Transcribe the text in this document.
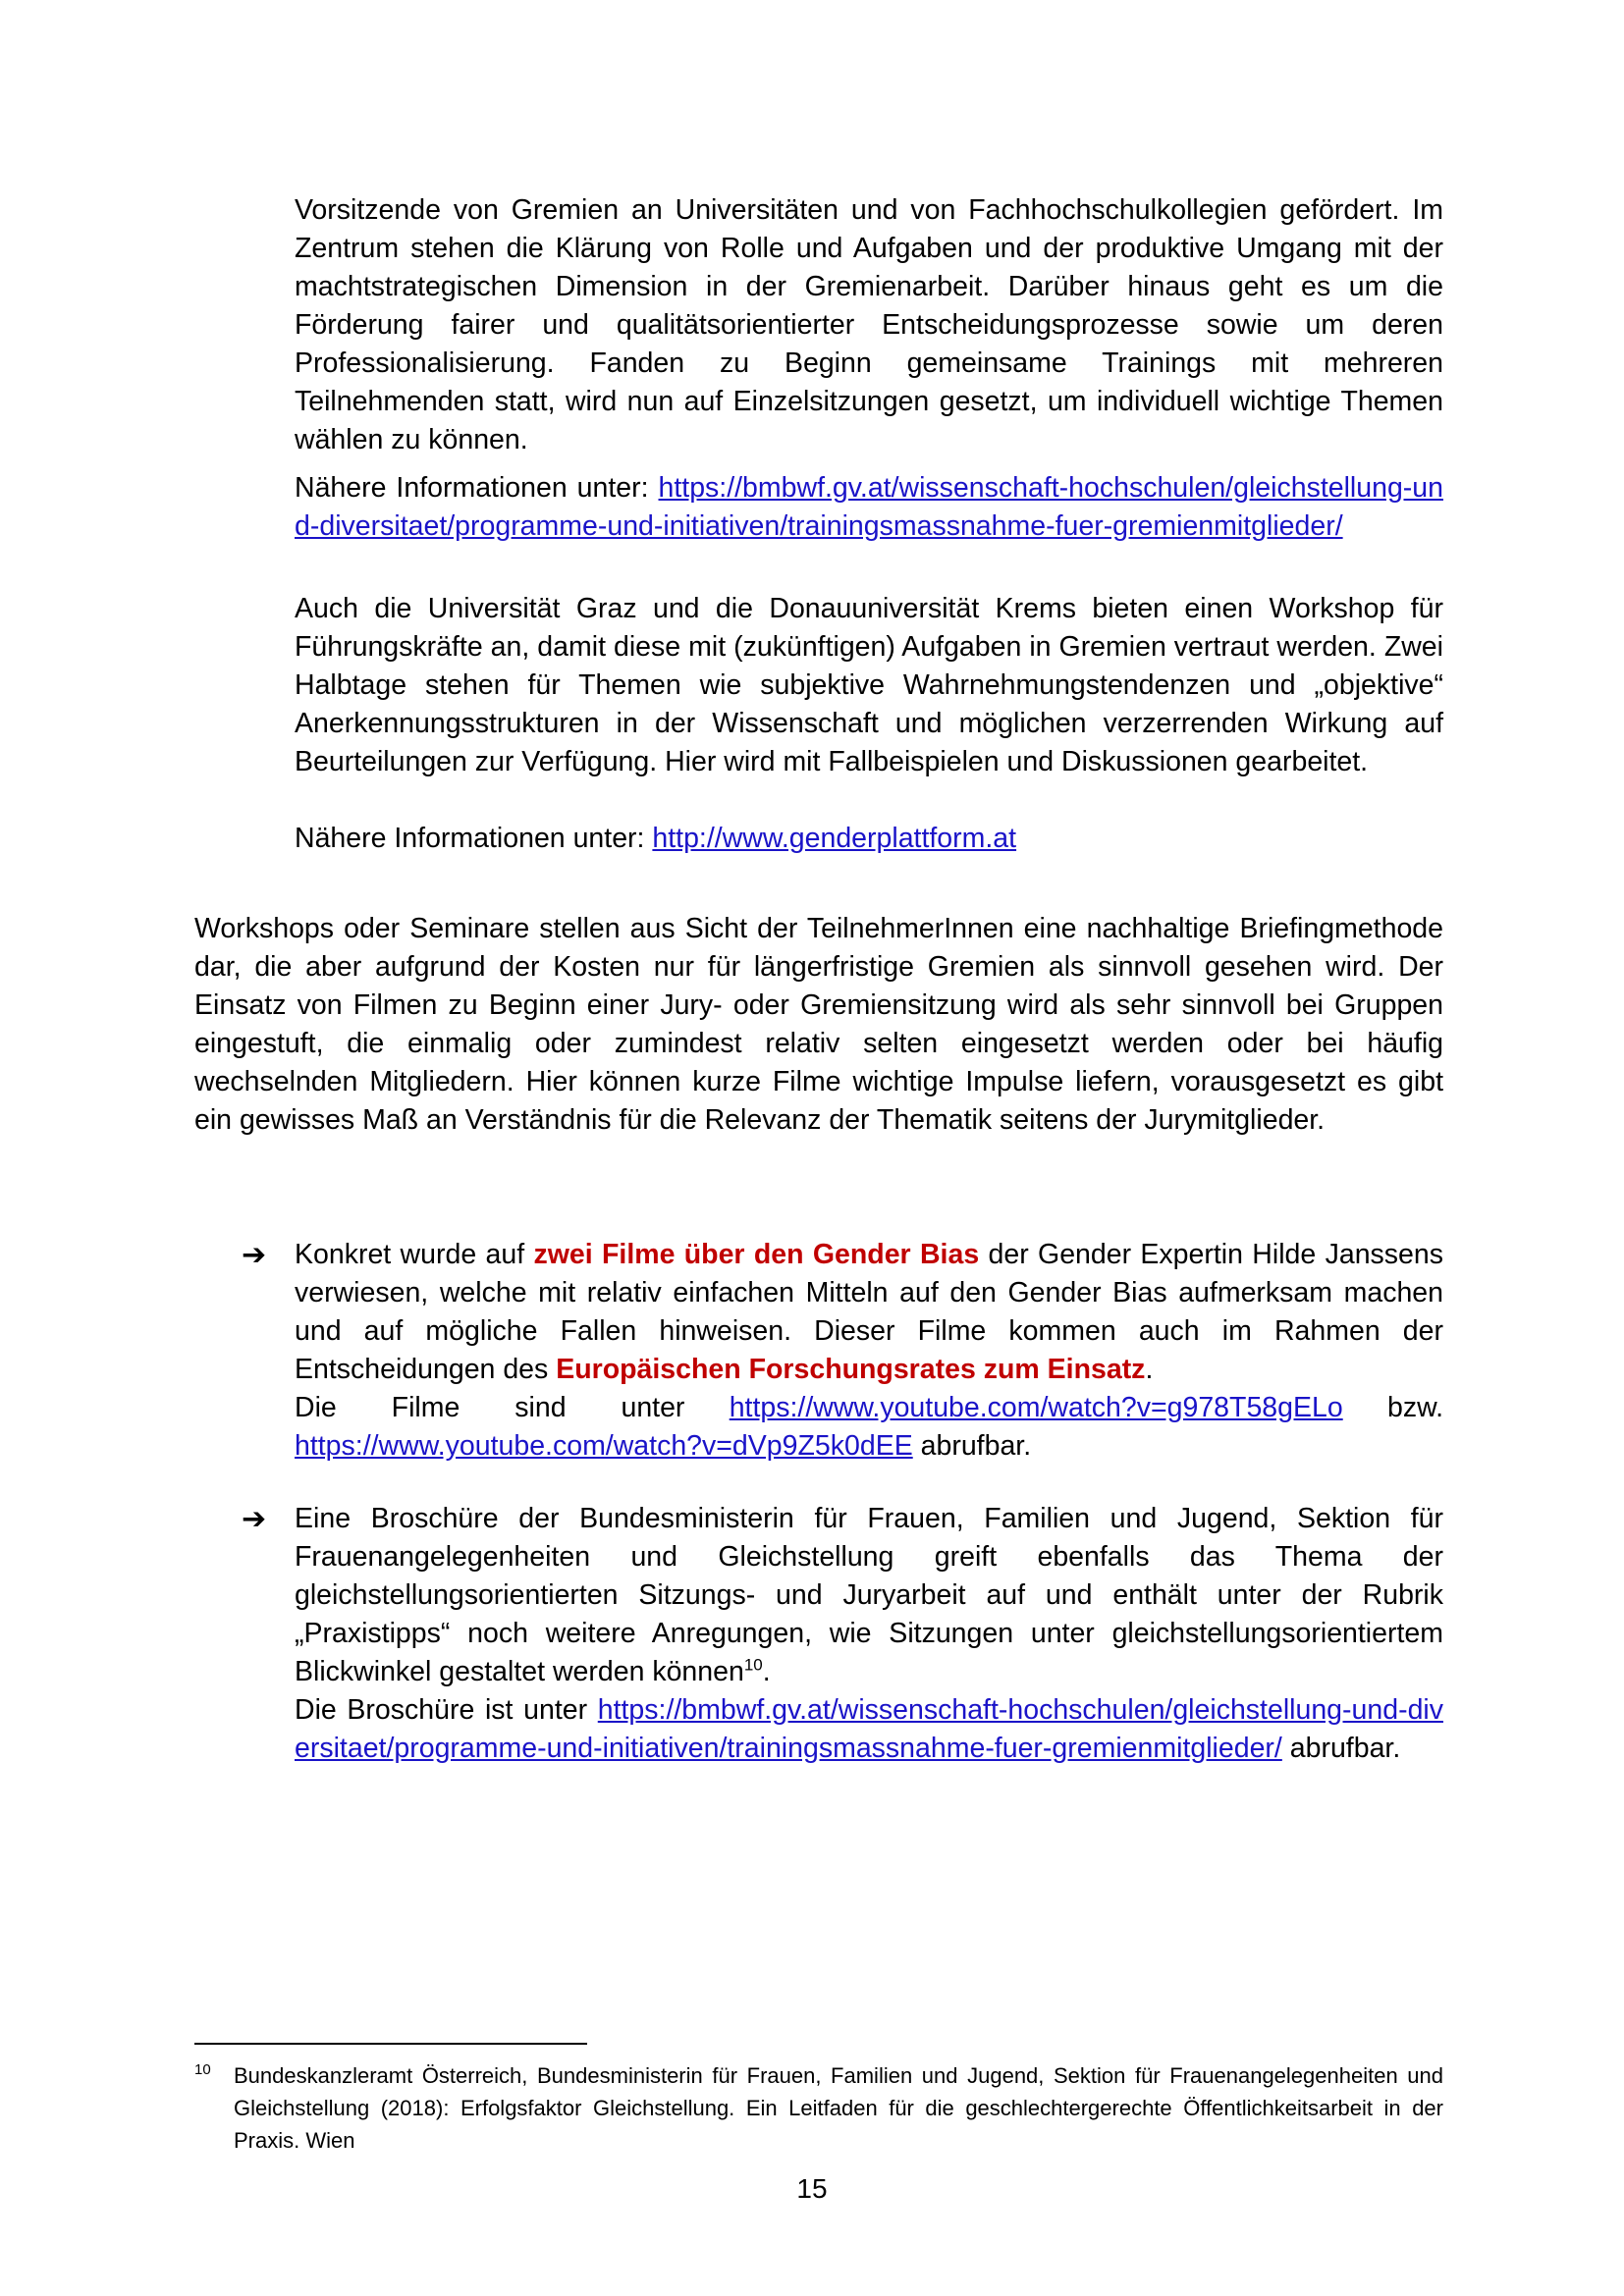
Vorsitzende von Gremien an Universitäten und von Fachhochschulkollegien gefördert. Im Zentrum stehen die Klärung von Rolle und Aufgaben und der produktive Umgang mit der machtstrategischen Dimension in der Gremienarbeit. Darüber hinaus geht es um die Förderung fairer und qualitätsorientierter Entscheidungsprozesse sowie um deren Professionalisierung. Fanden zu Beginn gemeinsame Trainings mit mehreren Teilnehmenden statt, wird nun auf Einzelsitzungen gesetzt, um individuell wichtige Themen wählen zu können.

Nähere Informationen unter: https://bmbwf.gv.at/wissenschaft-hochschulen/gleichstellung-und-diversitaet/programme-und-initiativen/trainingsmassnahme-fuer-gremienmitglieder/

Auch die Universität Graz und die Donauuniversität Krems bieten einen Workshop für Führungskräfte an, damit diese mit (zukünftigen) Aufgaben in Gremien vertraut werden. Zwei Halbtage stehen für Themen wie subjektive Wahrnehmungstendenzen und „objektive“ Anerkennungsstrukturen in der Wissenschaft und möglichen verzerrenden Wirkung auf Beurteilungen zur Verfügung. Hier wird mit Fallbeispielen und Diskussionen gearbeitet.

Nähere Informationen unter: http://www.genderplattform.at

Workshops oder Seminare stellen aus Sicht der TeilnehmerInnen eine nachhaltige Briefingmethode dar, die aber aufgrund der Kosten nur für längerfristige Gremien als sinnvoll gesehen wird. Der Einsatz von Filmen zu Beginn einer Jury- oder Gremiensitzung wird als sehr sinnvoll bei Gruppen eingestuft, die einmalig oder zumindest relativ selten eingesetzt werden oder bei häufig wechselnden Mitgliedern. Hier können kurze Filme wichtige Impulse liefern, vorausgesetzt es gibt ein gewisses Maß an Verständnis für die Relevanz der Thematik seitens der Jurymitglieder.

➔ Konkret wurde auf zwei Filme über den Gender Bias der Gender Expertin Hilde Janssens verwiesen, welche mit relativ einfachen Mitteln auf den Gender Bias aufmerksam machen und auf mögliche Fallen hinweisen. Dieser Filme kommen auch im Rahmen der Entscheidungen des Europäischen Forschungsrates zum Einsatz.

Die Filme sind unter https://www.youtube.com/watch?v=g978T58gELo bzw.

https://www.youtube.com/watch?v=dVp9Z5k0dEE abrufbar.

➔ Eine Broschüre der Bundesministerin für Frauen, Familien und Jugend, Sektion für Frauenangelegenheiten und Gleichstellung greift ebenfalls das Thema der gleichstellungsorientierten Sitzungs- und Juryarbeit auf und enthält unter der Rubrik „Praxistipps“ noch weitere Anregungen, wie Sitzungen unter gleichstellungsorientiertem Blickwinkel gestaltet werden können$^{10}$.

Die Broschüre ist unter https://bmbwf.gv.at/wissenschaft-hochschulen/gleichstellung-und-diversitaet/programme-und-initiativen/trainingsmassnahme-fuer-gremienmitglieder/ abrufbar.

10 Bundeskanzleramt Österreich, Bundesministerin für Frauen, Familien und Jugend, Sektion für Frauenangelegenheiten und Gleichstellung (2018): Erfolgsfaktor Gleichstellung. Ein Leitfaden für die geschlechtergerechte Öffentlichkeitsarbeit in der Praxis. Wien

15
